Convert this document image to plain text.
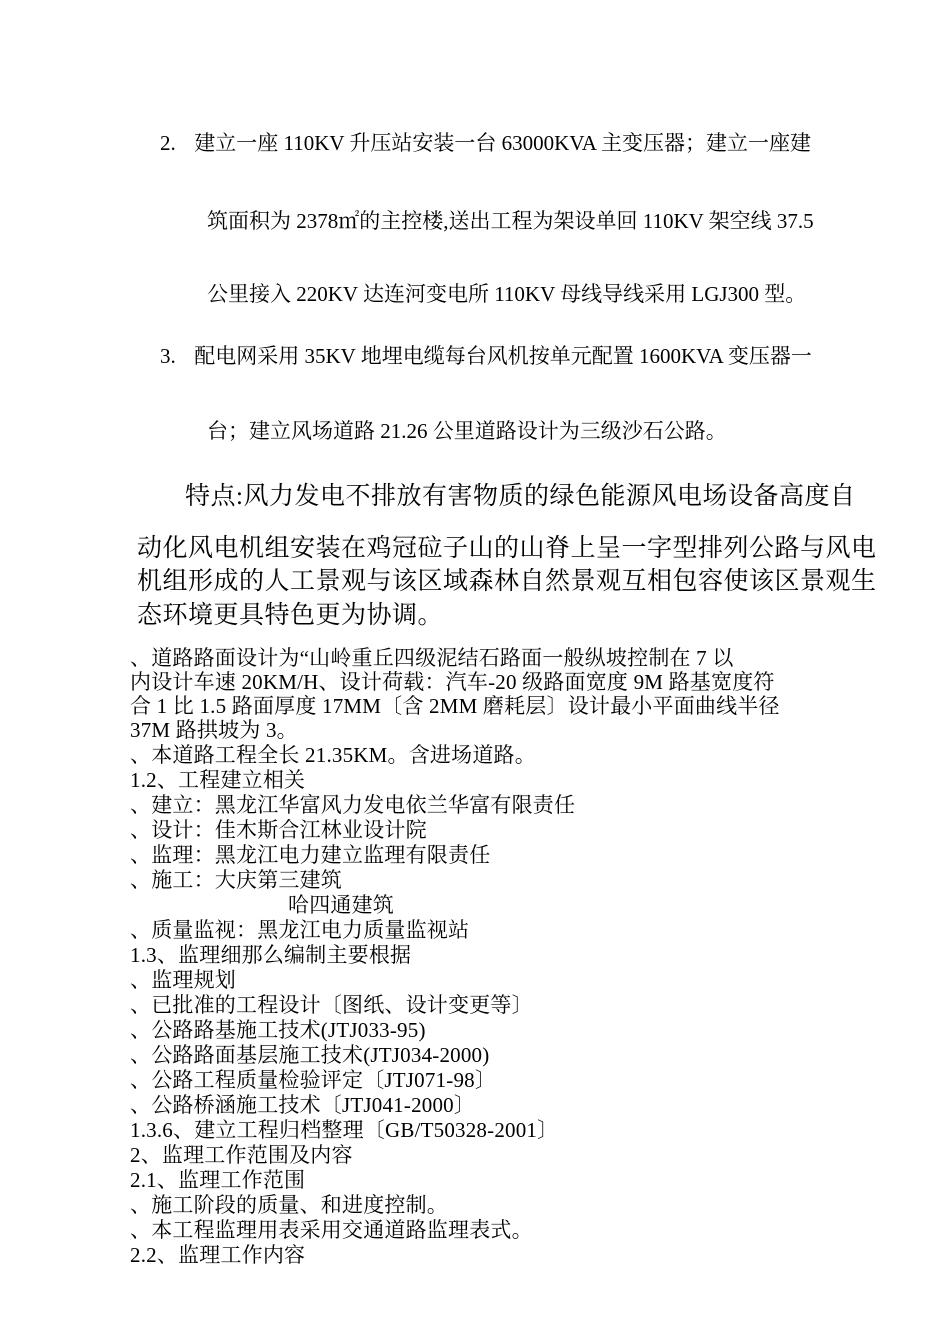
2. 建立一座 110KV 升压站安装一台 63000KVA 主变压器；建立一座建
筑面积为 2378㎡的主控楼,送出工程为架设单回 110KV 架空线 37.5
公里接入 220KV 达连河变电所 110KV 母线导线采用 LGJ300 型。
3. 配电网采用 35KV 地埋电缆每台风机按单元配置 1600KVA 变压器一
台；建立风场道路 21.26 公里道路设计为三级沙石公路。
特点:风力发电不排放有害物质的绿色能源风电场设备高度自
动化风电机组安装在鸡冠砬子山的山脊上呈一字型排列公路与风电
机组形成的人工景观与该区域森林自然景观互相包容使该区景观生
态环境更具特色更为协调。
、道路路面设计为“山岭重丘四级泥结石路面一般纵坡控制在 7 以
内设计车速 20KM/H、设计荷载：汽车-20 级路面宽度 9M 路基宽度符
合 1 比 1.5 路面厚度 17MM〔含 2MM 磨耗层〕设计最小平面曲线半径
37M 路拱坡为 3。
、本道路工程全长 21.35KM。含进场道路。
1.2、工程建立相关
、建立：黑龙江华富风力发电依兰华富有限责任
、设计：佳木斯合江林业设计院
、监理：黑龙江电力建立监理有限责任
、施工：大庆第三建筑
哈四通建筑
、质量监视：黑龙江电力质量监视站
1.3、监理细那么编制主要根据
、监理规划
、已批准的工程设计〔图纸、设计变更等〕
、公路路基施工技术(JTJ033-95)
、公路路面基层施工技术(JTJ034-2000)
、公路工程质量检验评定〔JTJ071-98〕
、公路桥涵施工技术〔JTJ041-2000〕
1.3.6、建立工程归档整理〔GB/T50328-2001〕
2、监理工作范围及内容
2.1、监理工作范围
、施工阶段的质量、和进度控制。
、本工程监理用表采用交通道路监理表式。
2.2、监理工作内容
